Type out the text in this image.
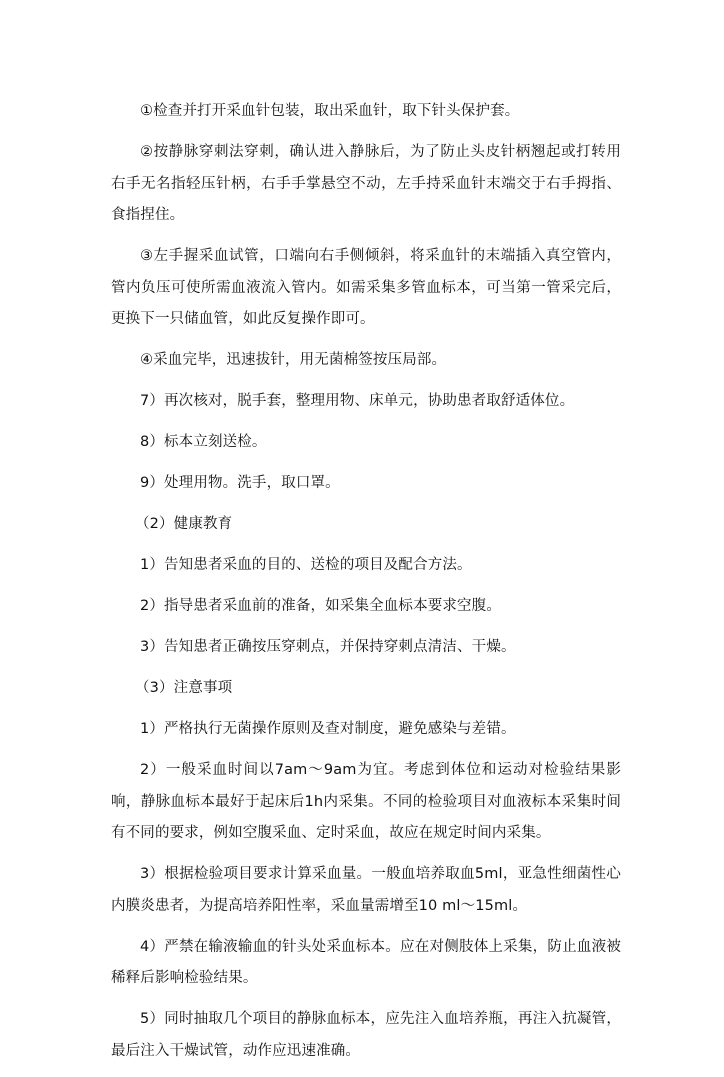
①检查并打开采血针包装，取出采血针，取下针头保护套。

②按静脉穿刺法穿刺，确认进入静脉后，为了防止头皮针柄翘起或打转用右手无名指轻压针柄，右手手掌悬空不动，左手持采血针末端交于右手拇指、食指捏住。

③左手握采血试管，口端向右手侧倾斜，将采血针的末端插入真空管内，管内负压可使所需血液流入管内。如需采集多管血标本，可当第一管采完后，更换下一只储血管，如此反复操作即可。

④采血完毕，迅速拔针，用无菌棉签按压局部。

7）再次核对，脱手套，整理用物、床单元，协助患者取舒适体位。

8）标本立刻送检。

9）处理用物。洗手，取口罩。

（2）健康教育

1）告知患者采血的目的、送检的项目及配合方法。

2）指导患者采血前的准备，如采集全血标本要求空腹。

3）告知患者正确按压穿刺点，并保持穿刺点清洁、干燥。

（3）注意事项

1）严格执行无菌操作原则及查对制度，避免感染与差错。

2）一般采血时间以7am～9am为宜。考虑到体位和运动对检验结果影响，静脉血标本最好于起床后1h内采集。不同的检验项目对血液标本采集时间有不同的要求，例如空腹采血、定时采血，故应在规定时间内采集。

3）根据检验项目要求计算采血量。一般血培养取血5ml，亚急性细菌性心内膜炎患者，为提高培养阳性率，采血量需增至10 ml～15ml。

4）严禁在输液输血的针头处采血标本。应在对侧肢体上采集，防止血液被稀释后影响检验结果。

5）同时抽取几个项目的静脉血标本，应先注入血培养瓶，再注入抗凝管，最后注入干燥试管，动作应迅速准确。
